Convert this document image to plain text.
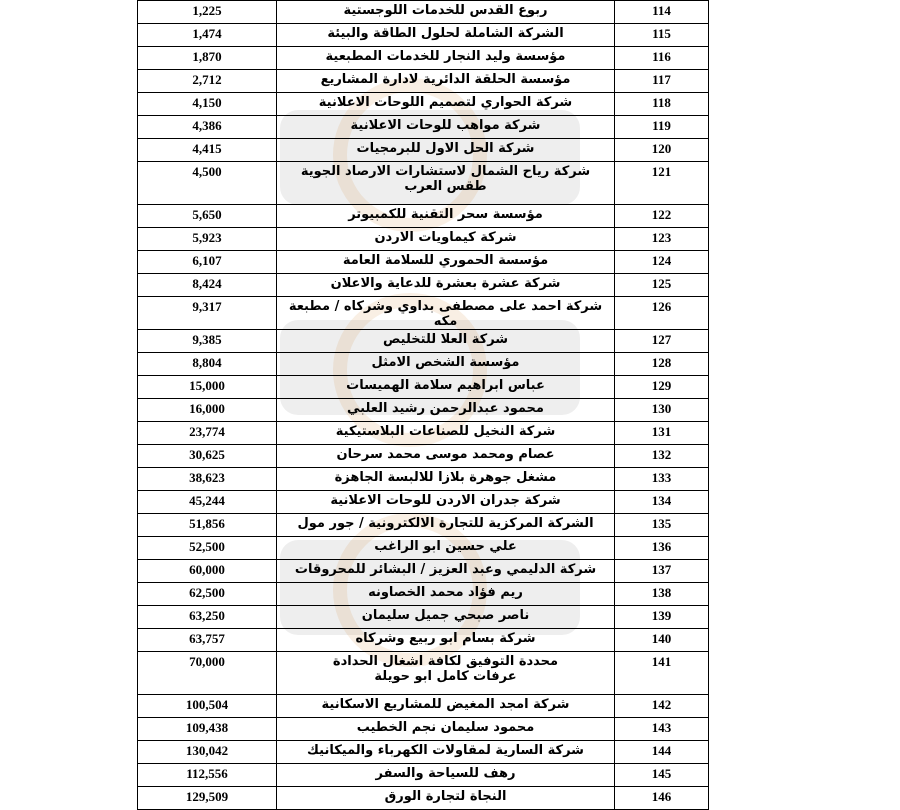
1,225	ربوع القدس للخدمات اللوجستية	114
1,474	الشركة الشاملة لحلول الطاقة والبيئة	115
1,870	مؤسسة وليد النجار للخدمات المطبعية	116
2,712	مؤسسة الحلقة الدائرية لادارة المشاريع	117
4,150	شركة الحواري لتصميم اللوحات الاعلانية	118
4,386	شركة مواهب للوحات الاعلانية	119
4,415	شركة الحل الاول للبرمجيات	120
4,500	شركة رياح الشمال لاستشارات الارصاد الجوية
طقس العرب	121
5,650	مؤسسة سحر التقنية للكمبيوتر	122
5,923	شركة كيماويات الاردن	123
6,107	مؤسسة الحموري للسلامة العامة	124
8,424	شركة عشرة بعشرة للدعاية والاعلان	125
9,317	شركة احمد على مصطفى بداوي وشركاه / مطبعة مكه	126
9,385	شركة العلا للتخليص	127
8,804	مؤسسة الشخص الامثل	128
15,000	عباس ابراهيم سلامة الهميسات	129
16,000	محمود عبدالرحمن رشيد العلبي	130
23,774	شركة النخيل للصناعات البلاستيكية	131
30,625	عصام ومحمد موسى محمد سرحان	132
38,623	مشغل جوهرة بلازا للالبسة الجاهزة	133
45,244	شركة جدران الاردن للوحات الاعلانية	134
51,856	الشركة المركزية للتجارة الالكترونية / جور مول	135
52,500	علي حسين ابو الراغب	136
60,000	شركة الدليمي وعبد العزيز / البشائر للمحروقات	137
62,500	ريم فؤاد محمد الخصاونه	138
63,250	ناصر صبحي جميل سليمان	139
63,757	شركة بسام ابو ربيع وشركاه	140
70,000	محددة التوفيق لكافة اشغال الحدادة
عرفات كامل ابو حويلة	141
100,504	شركة امجد المغيض للمشاريع الاسكانية	142
109,438	محمود سليمان نجم الخطيب	143
130,042	شركة السارية لمقاولات الكهرباء والميكانيك	144
112,556	رهف للسياحة والسفر	145
129,509	النجاة لتجارة الورق	146
